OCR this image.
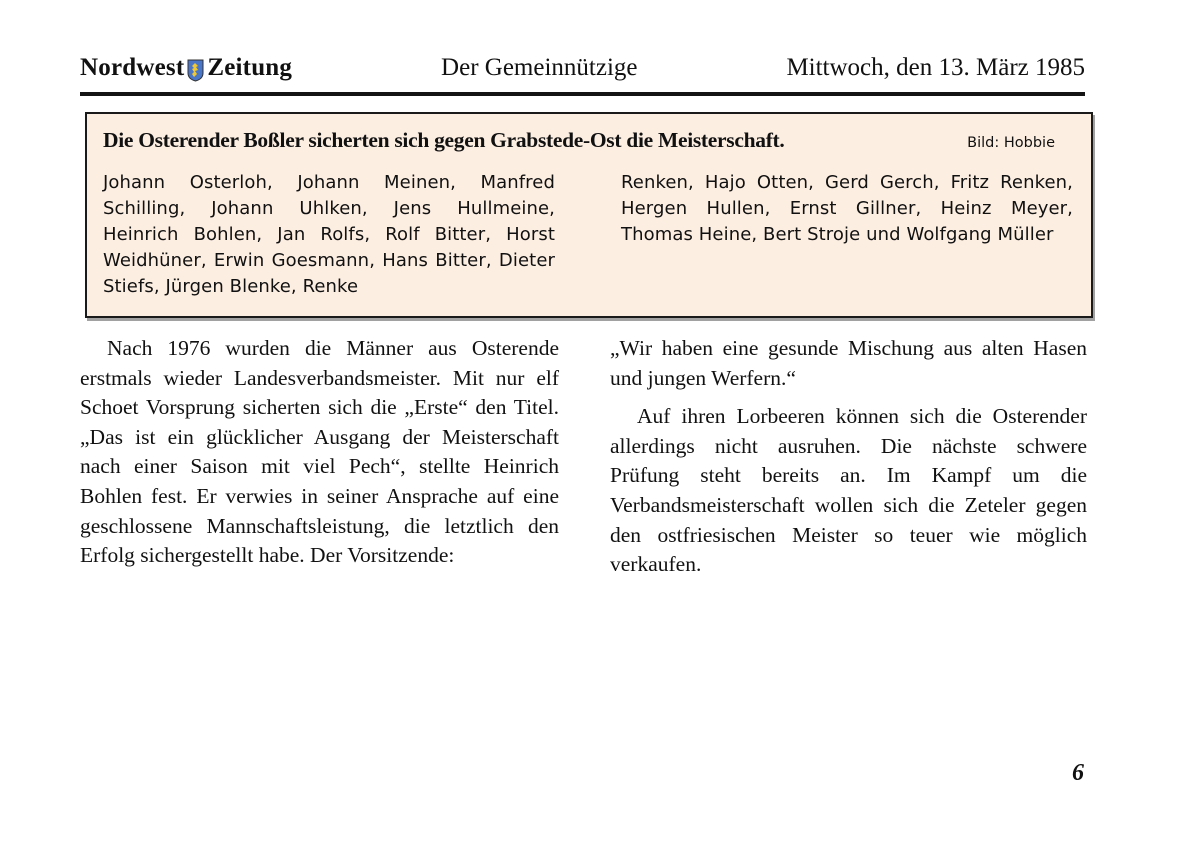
Nordwest Zeitung	Der Gemeinnützige	Mittwoch, den 13. März 1985
Die Osterender Boßler sicherten sich gegen Grabstede-Ost die Meisterschaft.	Bild: Hobbie
Johann Osterloh, Johann Meinen, Manfred Schilling, Johann Uhlken, Jens Hullmeine, Heinrich Bohlen, Jan Rolfs, Rolf Bitter, Horst Weidhüner, Erwin Goesmann, Hans Bitter, Dieter Stiefs, Jürgen Blenke, Renke
Renken, Hajo Otten, Gerd Gerch, Fritz Renken, Hergen Hullen, Ernst Gillner, Heinz Meyer, Thomas Heine, Bert Stroje und Wolfgang Müller

Nach 1976 wurden die Männer aus Osterende erstmals wieder Landesverbandsmeister. Mit nur elf Schoet Vorsprung sicherten sich die „Erste“ den Titel. „Das ist ein glücklicher Ausgang der Meisterschaft nach einer Saison mit viel Pech“, stellte Heinrich Bohlen fest. Er verwies in seiner Ansprache auf eine geschlossene Mannschaftsleistung, die letztlich den Erfolg sichergestellt habe. Der Vorsitzende:

„Wir haben eine gesunde Mischung aus alten Hasen und jungen Werfern.“

Auf ihren Lorbeeren können sich die Osterender allerdings nicht ausruhen. Die nächste schwere Prüfung steht bereits an. Im Kampf um die Verbandsmeisterschaft wollen sich die Zeteler gegen den ostfriesischen Meister so teuer wie möglich verkaufen.

6
